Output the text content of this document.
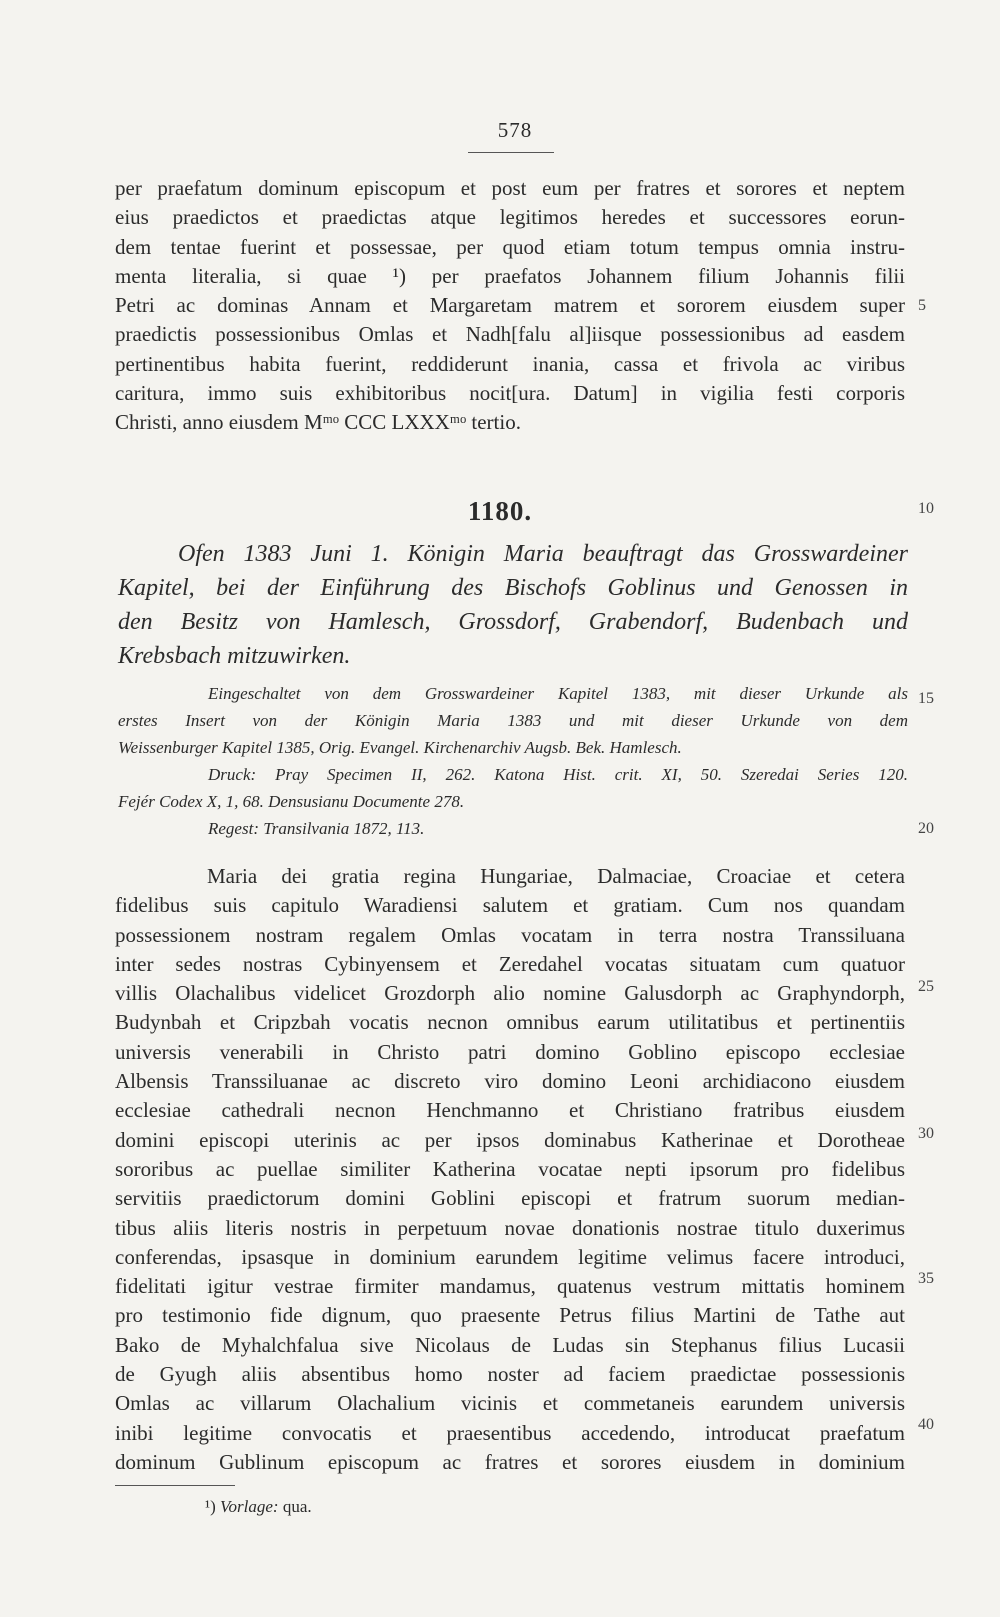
578
per praefatum dominum episcopum et post eum per fratres et sorores et neptem
eius praedictos et praedictas atque legitimos heredes et successores eorun-
dem tentae fuerint et possessae, per quod etiam totum tempus omnia instru-
menta literalia, si quae ¹) per praefatos Johannem filium Johannis filii
Petri ac dominas Annam et Margaretam matrem et sororem eiusdem super
praedictis possessionibus Omlas et Nadh[falu al]iisque possessionibus ad easdem
pertinentibus habita fuerint, reddiderunt inania, cassa et frivola ac viribus
caritura, immo suis exhibitoribus nocit[ura. Datum] in vigilia festi corporis
Christi, anno eiusdem Mᵐᵒ CCC LXXXᵐᵒ tertio.
1180.
Ofen 1383 Juni 1. Königin Maria beauftragt das Grosswardeiner
Kapitel, bei der Einführung des Bischofs Goblinus und Genossen in
den Besitz von Hamlesch, Grossdorf, Grabendorf, Budenbach und
Krebsbach mitzuwirken.
Eingeschaltet von dem Grosswardeiner Kapitel 1383, mit dieser Urkunde als
erstes Insert von der Königin Maria 1383 und mit dieser Urkunde von dem
Weissenburger Kapitel 1385, Orig. Evangel. Kirchenarchiv Augsb. Bek. Hamlesch.
Druck: Pray Specimen II, 262. Katona Hist. crit. XI, 50. Szeredai Series 120.
Fejér Codex X, 1, 68. Densusianu Documente 278.
Regest: Transilvania 1872, 113.
Maria dei gratia regina Hungariae, Dalmaciae, Croaciae et cetera
fidelibus suis capitulo Waradiensi salutem et gratiam. Cum nos quandam
possessionem nostram regalem Omlas vocatam in terra nostra Transsiluana
inter sedes nostras Cybinyensem et Zeredahel vocatas situatam cum quatuor
villis Olachalibus videlicet Grozdorph alio nomine Galusdorph ac Graphyndorph,
Budynbah et Cripzbah vocatis necnon omnibus earum utilitatibus et pertinentiis
universis venerabili in Christo patri domino Goblino episcopo ecclesiae
Albensis Transsiluanae ac discreto viro domino Leoni archidiacono eiusdem
ecclesiae cathedrali necnon Henchmanno et Christiano fratribus eiusdem
domini episcopi uterinis ac per ipsos dominabus Katherinae et Dorotheae
sororibus ac puellae similiter Katherina vocatae nepti ipsorum pro fidelibus
servitiis praedictorum domini Goblini episcopi et fratrum suorum median-
tibus aliis literis nostris in perpetuum novae donationis nostrae titulo duxerimus
conferendas, ipsasque in dominium earundem legitime velimus facere introduci,
fidelitati igitur vestrae firmiter mandamus, quatenus vestrum mittatis hominem
pro testimonio fide dignum, quo praesente Petrus filius Martini de Tathe aut
Bako de Myhalchfalua sive Nicolaus de Ludas sin Stephanus filius Lucasii
de Gyugh aliis absentibus homo noster ad faciem praedictae possessionis
Omlas ac villarum Olachalium vicinis et commetaneis earundem universis
inibi legitime convocatis et praesentibus accedendo, introducat praefatum
dominum Gublinum episcopum ac fratres et sorores eiusdem in dominium
5
10
15
20
25
30
35
40
¹) Vorlage: qua.
